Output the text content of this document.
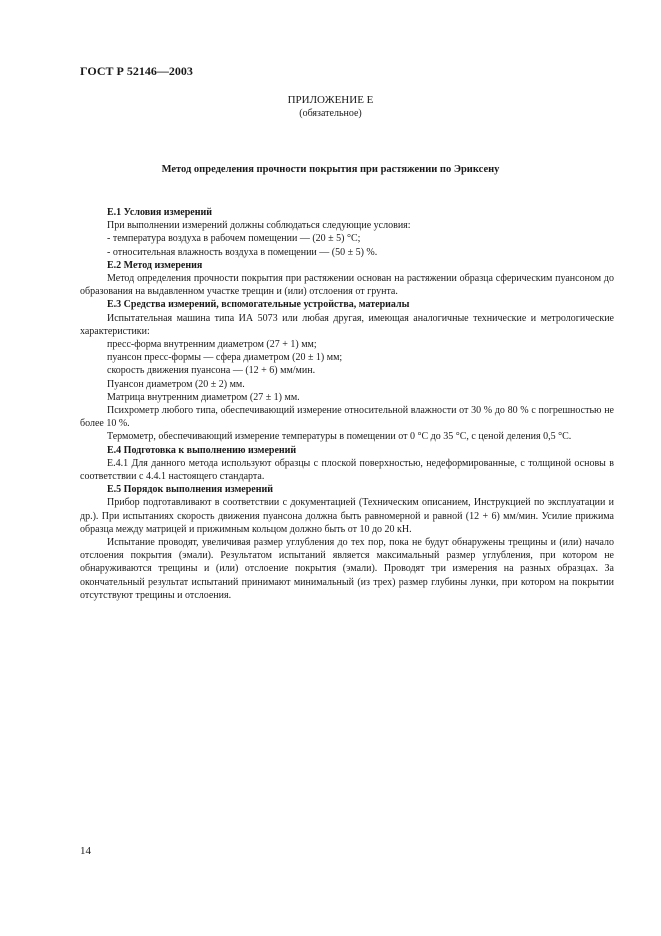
ГОСТ Р 52146—2003
ПРИЛОЖЕНИЕ Е
(обязательное)
Метод определения прочности покрытия при растяжении по Эриксену

Е.1 Условия измерений

При выполнении измерений должны соблюдаться следующие условия:

- температура воздуха в рабочем помещении — (20 ± 5) °С;

- относительная влажность воздуха в помещении — (50 ± 5) %.

Е.2 Метод измерения

Метод определения прочности покрытия при растяжении основан на растяжении образца сферическим пуансоном до образования на выдавленном участке трещин и (или) отслоения от грунта.

Е.3 Средства измерений, вспомогательные устройства, материалы

Испытательная машина типа ИА 5073 или любая другая, имеющая аналогичные технические и метрологические характеристики:

пресс-форма внутренним диаметром (27 + 1) мм;

пуансон пресс-формы — сфера диаметром (20 ± 1) мм;

скорость движения пуансона — (12 + 6) мм/мин.

Пуансон диаметром (20 ± 2) мм.

Матрица внутренним диаметром (27 ± 1) мм.

Психрометр любого типа, обеспечивающий измерение относительной влажности от 30 % до 80 % с погрешностью не более 10 %.

Термометр, обеспечивающий измерение температуры в помещении от 0 °С до 35 °С, с ценой деления 0,5 °С.

Е.4 Подготовка к выполнению измерений

Е.4.1 Для данного метода используют образцы с плоской поверхностью, недеформированные, с толщиной основы в соответствии с 4.4.1 настоящего стандарта.

Е.5 Порядок выполнения измерений

Прибор подготавливают в соответствии с документацией (Техническим описанием, Инструкцией по эксплуатации и др.). При испытаниях скорость движения пуансона должна быть равномерной и равной (12 + 6) мм/мин. Усилие прижима образца между матрицей и прижимным кольцом должно быть от 10 до 20 кН.

Испытание проводят, увеличивая размер углубления до тех пор, пока не будут обнаружены трещины и (или) начало отслоения покрытия (эмали). Результатом испытаний является максимальный размер углубления, при котором не обнаруживаются трещины и (или) отслоение покрытия (эмали). Проводят три измерения на разных образцах. За окончательный результат испытаний принимают минимальный (из трех) размер глубины лунки, при котором на покрытии отсутствуют трещины и отслоения.

14
